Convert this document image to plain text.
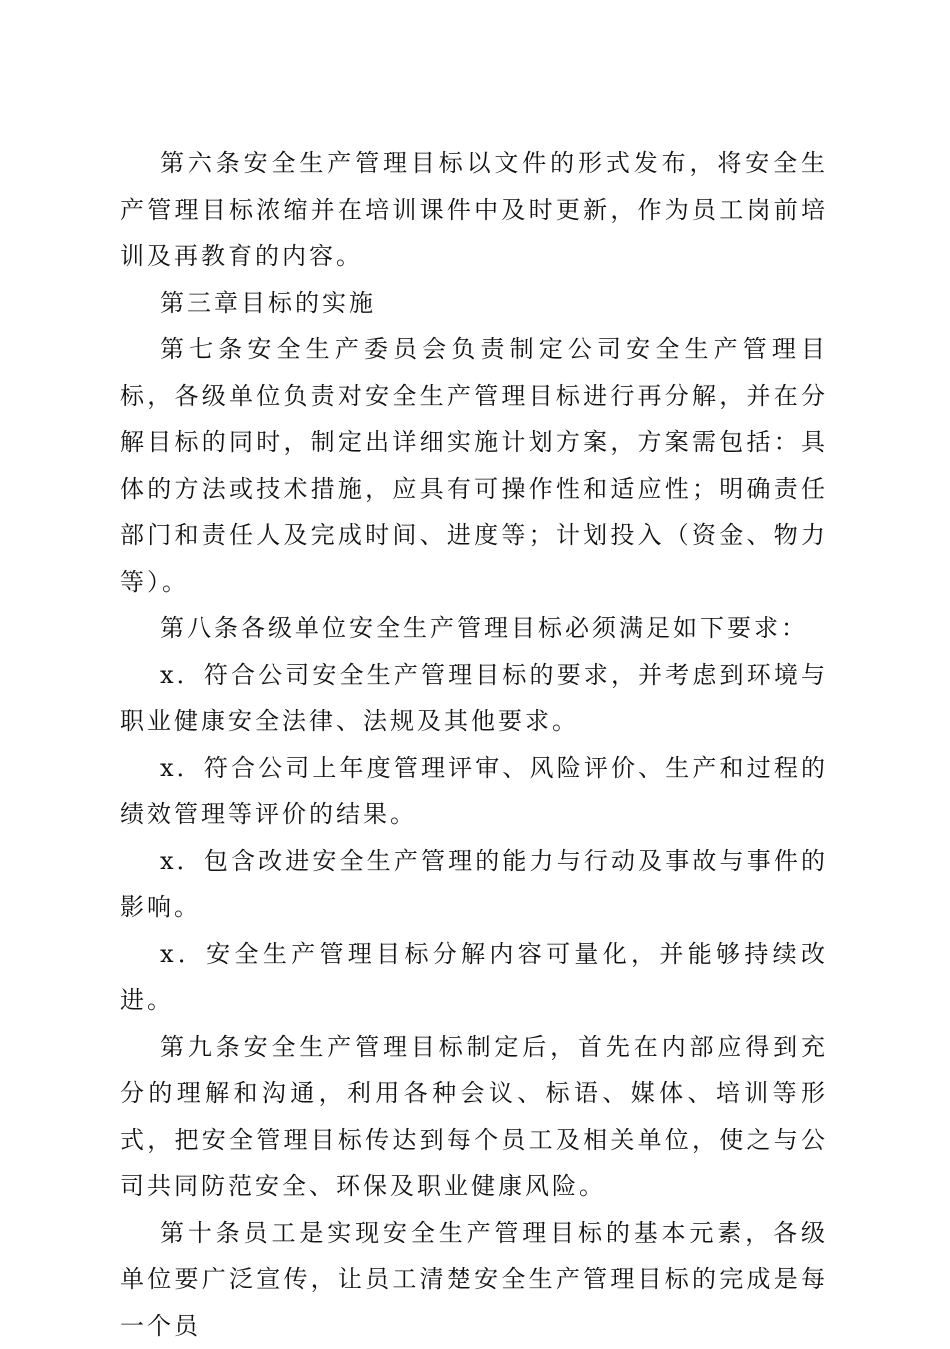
第六条安全生产管理目标以文件的形式发布，将安全生产管理目标浓缩并在培训课件中及时更新，作为员工岗前培训及再教育的内容。

第三章目标的实施

第七条安全生产委员会负责制定公司安全生产管理目标，各级单位负责对安全生产管理目标进行再分解，并在分解目标的同时，制定出详细实施计划方案，方案需包括：具体的方法或技术措施，应具有可操作性和适应性；明确责任部门和责任人及完成时间、进度等；计划投入（资金、物力等）。

第八条各级单位安全生产管理目标必须满足如下要求：

x．符合公司安全生产管理目标的要求，并考虑到环境与职业健康安全法律、法规及其他要求。

x．符合公司上年度管理评审、风险评价、生产和过程的绩效管理等评价的结果。

x．包含改进安全生产管理的能力与行动及事故与事件的影响。

x．安全生产管理目标分解内容可量化，并能够持续改进。

第九条安全生产管理目标制定后，首先在内部应得到充分的理解和沟通，利用各种会议、标语、媒体、培训等形式，把安全管理目标传达到每个员工及相关单位，使之与公司共同防范安全、环保及职业健康风险。

第十条员工是实现安全生产管理目标的基本元素，各级单位要广泛宣传，让员工清楚安全生产管理目标的完成是每一个员
